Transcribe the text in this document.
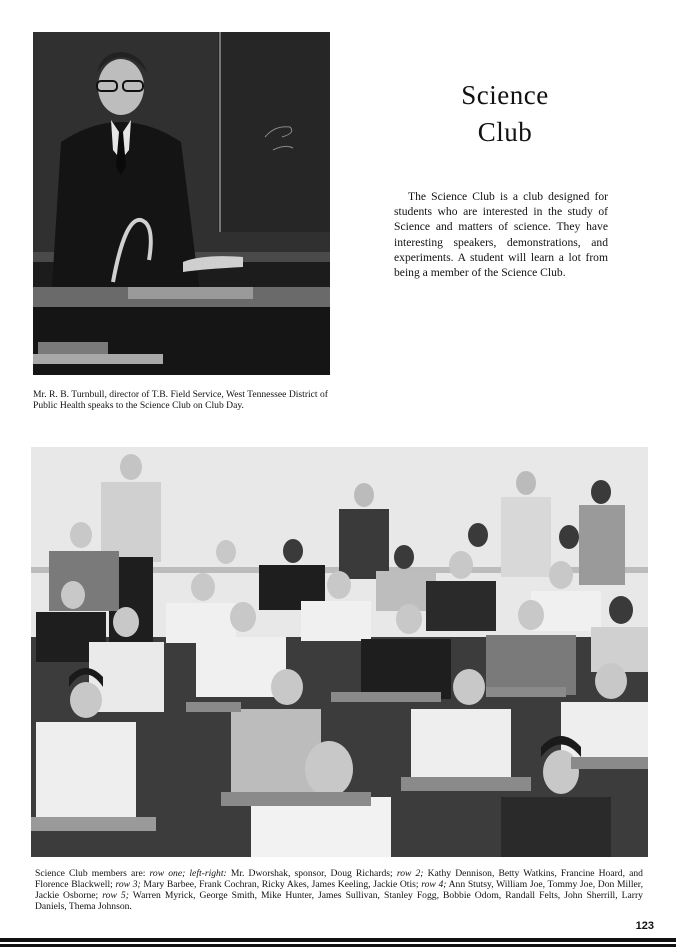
Mr. R. B. Turnbull, director of T.B. Field Service, West Tennessee District of Public Health speaks to the Science Club on Club Day.
Science
Club
The Science Club is a club designed for students who are interested in the study of Science and matters of science. They have interesting speakers, demonstrations, and experiments. A student will learn a lot from being a member of the Science Club.
Science Club members are: row one; left-right: Mr. Dworshak, sponsor, Doug Richards; row 2; Kathy Dennison, Betty Watkins, Francine Hoard, and Florence Blackwell; row 3; Mary Barbee, Frank Cochran, Ricky Akes, James Keeling, Jackie Otis; row 4; Ann Stutsy, William Joe, Tommy Joe, Don Miller, Jackie Osborne; row 5; Warren Myrick, George Smith, Mike Hunter, James Sullivan, Stanley Fogg, Bobbie Odom, Randall Felts, John Sherrill, Larry Daniels, Thema Johnson.
123
